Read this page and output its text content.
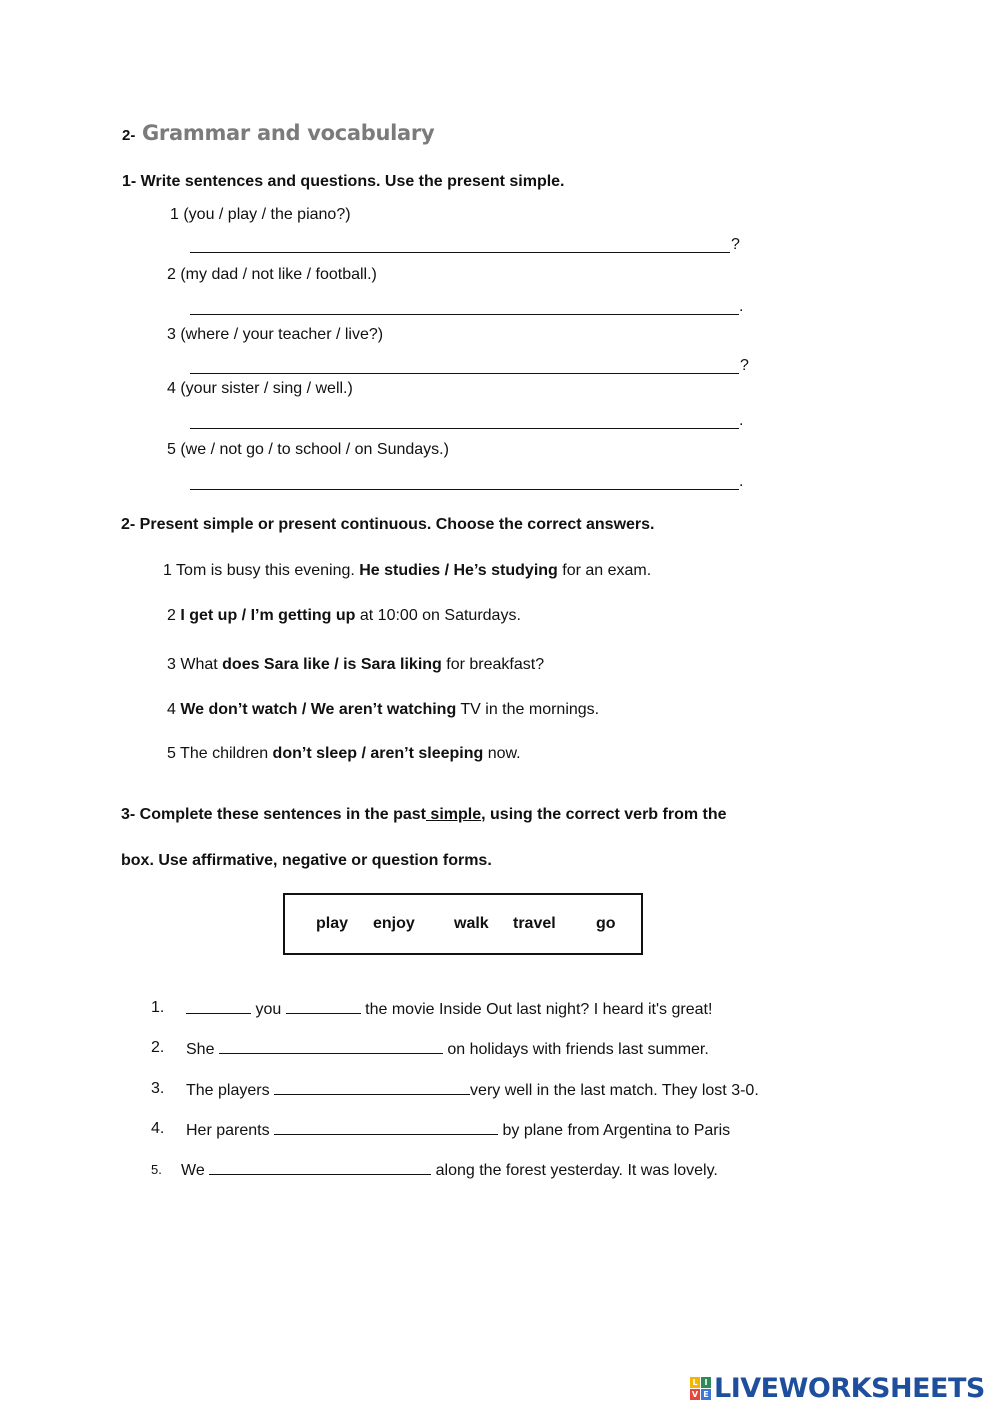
2- Grammar and vocabulary
1- Write sentences and questions. Use the present simple.
1 (you / play / the piano?)
?
2 (my dad / not like / football.)
.
3 (where / your teacher / live?)
?
4 (your sister / sing / well.)
.
5 (we / not go / to school / on Sundays.)
.
2- Present simple or present continuous. Choose the correct answers.
1 Tom is busy this evening. He studies / He’s studying for an exam.
2 I get up / I’m getting up at 10:00 on Saturdays.
3 What does Sara like / is Sara liking for breakfast?
4 We don’t watch / We aren’t watching TV in the mornings.
5 The children don’t sleep / aren’t sleeping now.
3- Complete these sentences in the past simple, using the correct verb from the
box. Use affirmative, negative or question forms.
play enjoy walk travel	go
1.	you	the movie Inside Out last night? I heard it's great!
2. She	on holidays with friends last summer.
3. The players	very well in the last match. They lost 3-0.
4. Her parents	by plane from Argentina to Paris
5. We	along the forest yesterday. It was lovely.
L I
V E LIVEWORKSHEETS
